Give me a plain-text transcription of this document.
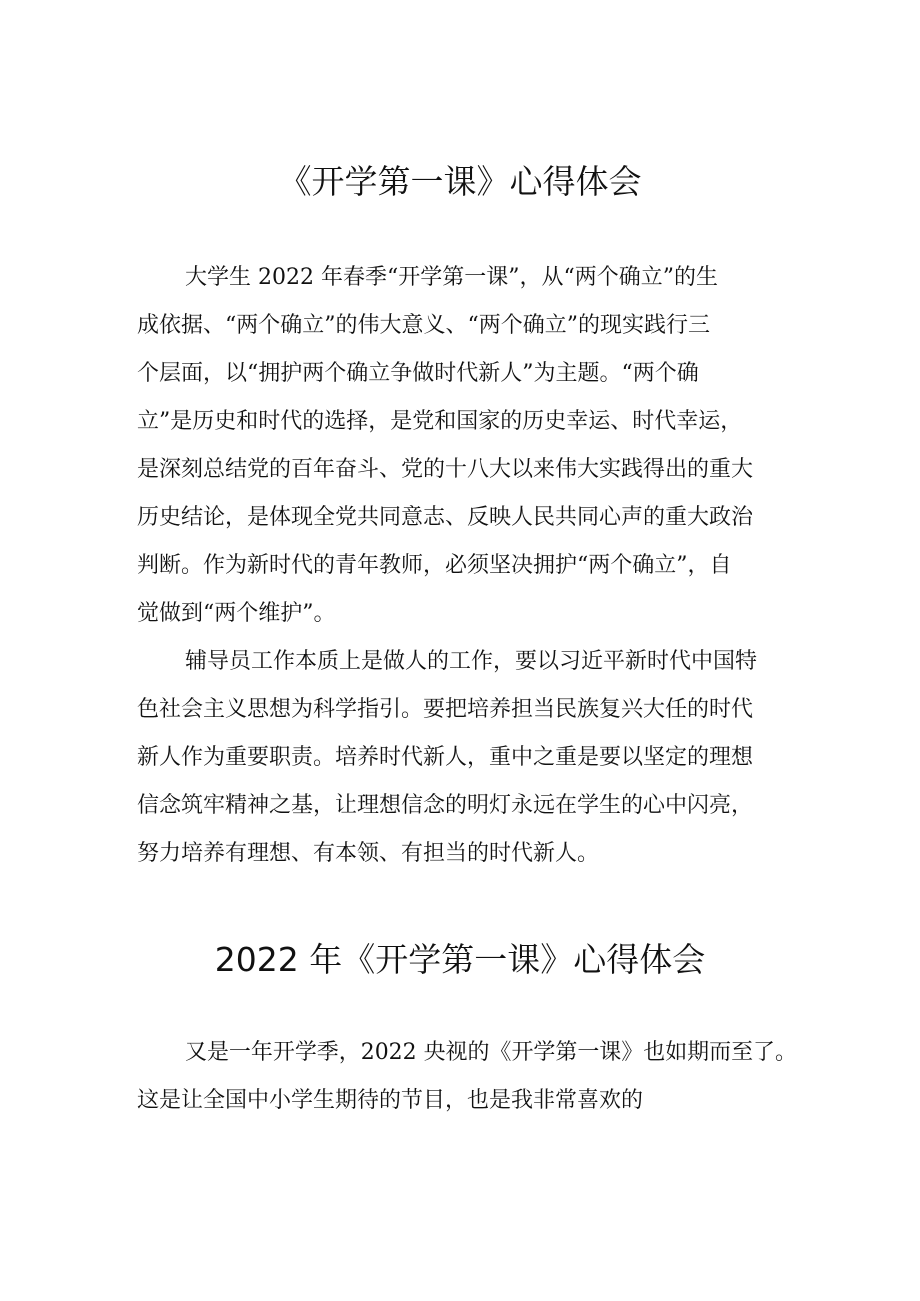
《开学第一课》心得体会
大学生 2022 年春季“开学第一课”，从“两个确立”的生
成依据、“两个确立”的伟大意义、“两个确立”的现实践行三
个层面，以“拥护两个确立争做时代新人”为主题。“两个确
立”是历史和时代的选择，是党和国家的历史幸运、时代幸运，
是深刻总结党的百年奋斗、党的十八大以来伟大实践得出的重大
历史结论，是体现全党共同意志、反映人民共同心声的重大政治
判断。作为新时代的青年教师，必须坚决拥护“两个确立”，自
觉做到“两个维护”。
辅导员工作本质上是做人的工作，要以习近平新时代中国特
色社会主义思想为科学指引。要把培养担当民族复兴大任的时代
新人作为重要职责。培养时代新人，重中之重是要以坚定的理想
信念筑牢精神之基，让理想信念的明灯永远在学生的心中闪亮，
努力培养有理想、有本领、有担当的时代新人。
2022 年《开学第一课》心得体会
又是一年开学季，2022 央视的《开学第一课》也如期而至了。
这是让全国中小学生期待的节目，也是我非常喜欢的
